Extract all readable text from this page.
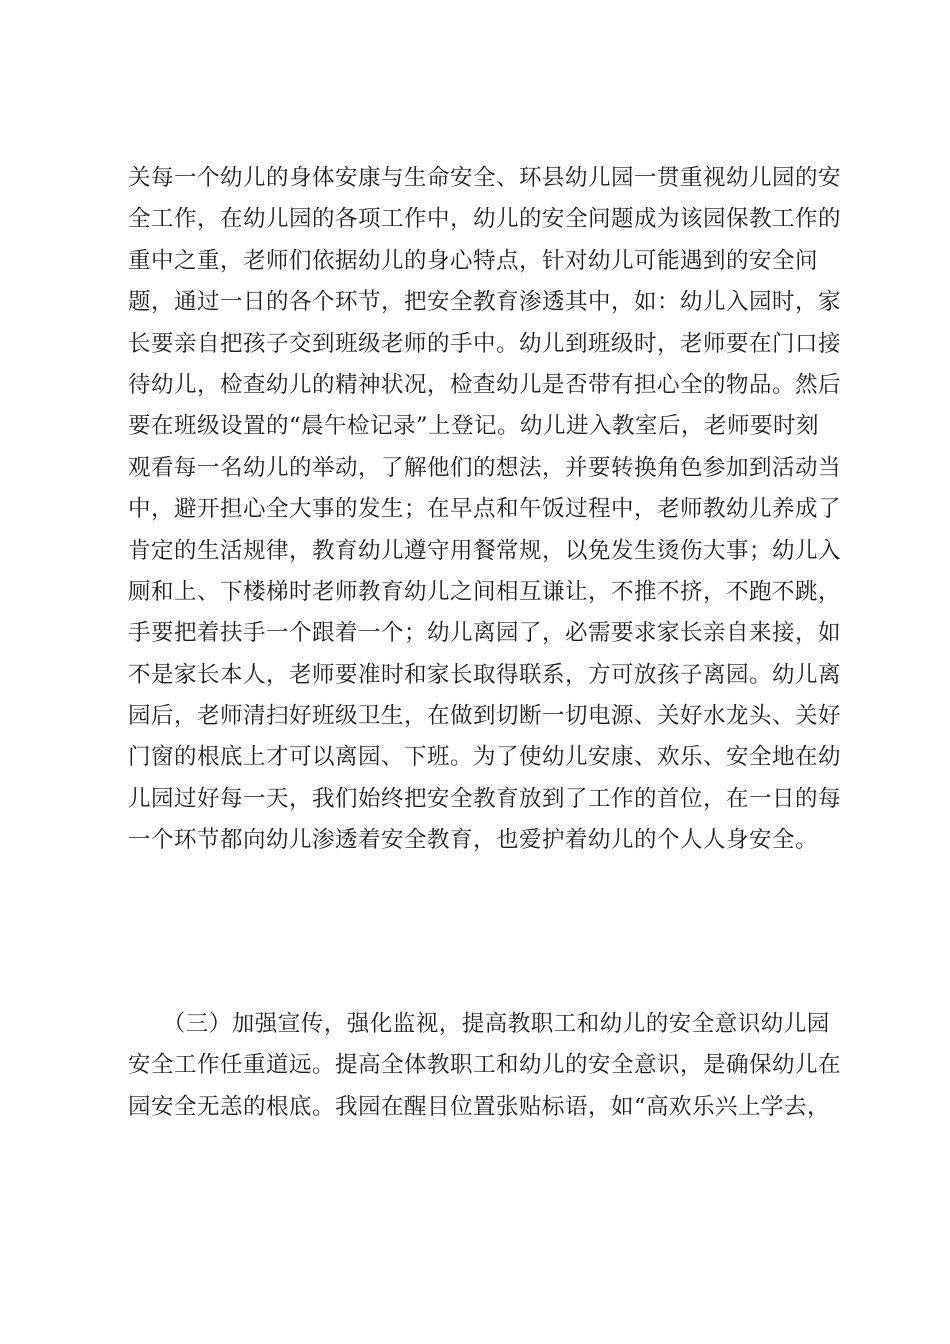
关每一个幼儿的身体安康与生命安全、环县幼儿园一贯重视幼儿园的安
全工作，在幼儿园的各项工作中，幼儿的安全问题成为该园保教工作的
重中之重，老师们依据幼儿的身心特点，针对幼儿可能遇到的安全问
题，通过一日的各个环节，把安全教育渗透其中，如：幼儿入园时，家
长要亲自把孩子交到班级老师的手中。幼儿到班级时，老师要在门口接
待幼儿，检查幼儿的精神状况，检查幼儿是否带有担心全的物品。然后
要在班级设置的“晨午检记录”上登记。幼儿进入教室后，老师要时刻
观看每一名幼儿的举动，了解他们的想法，并要转换角色参加到活动当
中，避开担心全大事的发生；在早点和午饭过程中，老师教幼儿养成了
肯定的生活规律，教育幼儿遵守用餐常规，以免发生烫伤大事；幼儿入
厕和上、下楼梯时老师教育幼儿之间相互谦让，不推不挤，不跑不跳，
手要把着扶手一个跟着一个；幼儿离园了，必需要求家长亲自来接，如
不是家长本人，老师要准时和家长取得联系，方可放孩子离园。幼儿离
园后，老师清扫好班级卫生，在做到切断一切电源、关好水龙头、关好
门窗的根底上才可以离园、下班。为了使幼儿安康、欢乐、安全地在幼
儿园过好每一天，我们始终把安全教育放到了工作的首位，在一日的每
一个环节都向幼儿渗透着安全教育，也爱护着幼儿的个人人身安全。
　　（三）加强宣传，强化监视，提高教职工和幼儿的安全意识幼儿园
安全工作任重道远。提高全体教职工和幼儿的安全意识，是确保幼儿在
园安全无恙的根底。我园在醒目位置张贴标语，如“高欢乐兴上学去，
